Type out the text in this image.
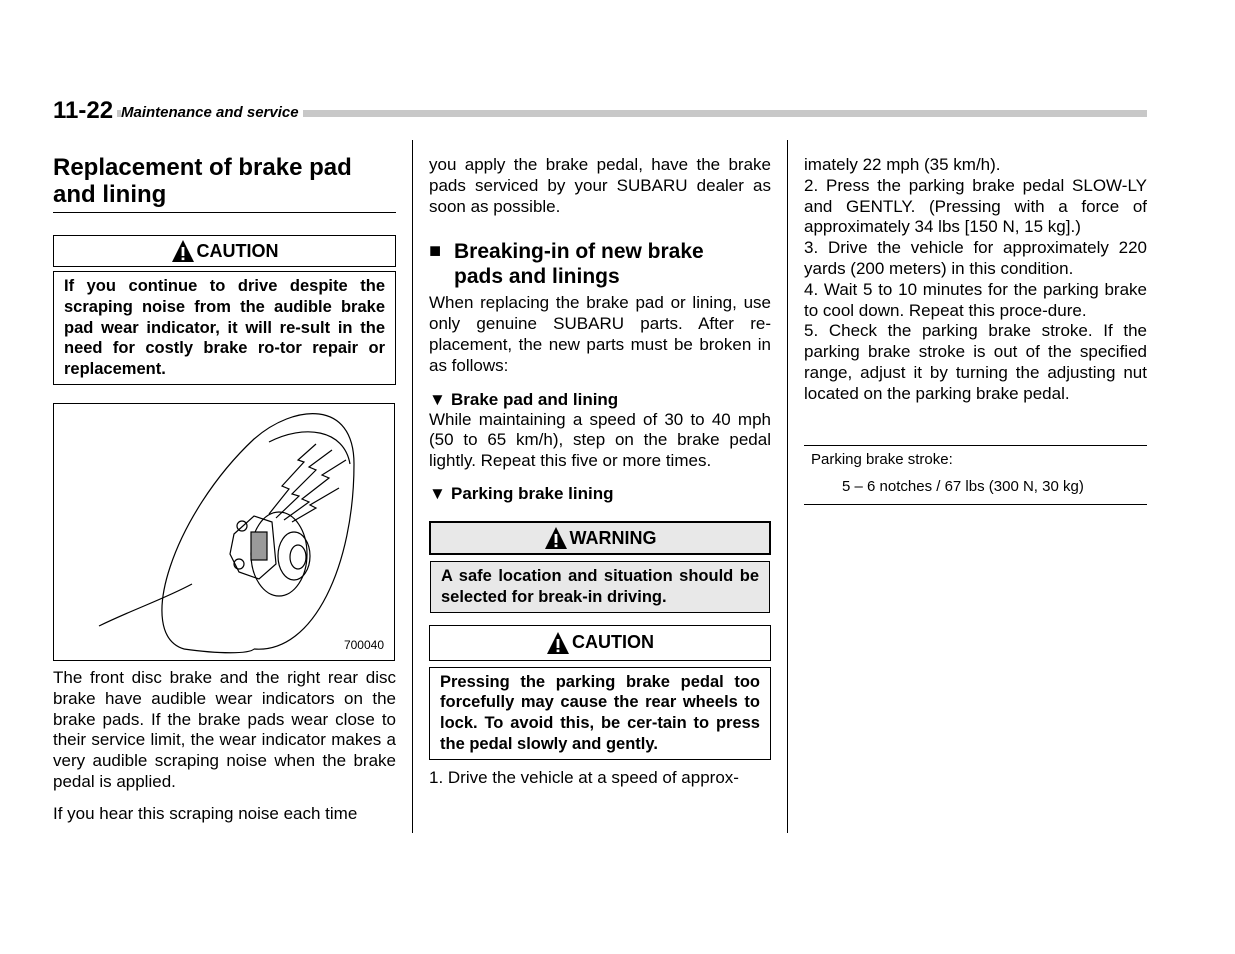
11-22 Maintenance and service
Replacement of brake pad
and lining
CAUTION
If you continue to drive despite the scraping noise from the audible brake pad wear indicator, it will re-sult in the need for costly brake ro-tor repair or replacement.
700040

The front disc brake and the right rear disc brake have audible wear indicators on the brake pads. If the brake pads wear close to their service limit, the wear indicator makes a very audible scraping noise when the brake pedal is applied.

If you hear this scraping noise each time

you apply the brake pedal, have the brake pads serviced by your SUBARU dealer as soon as possible.

■ Breaking-in of new brake
pads and linings

When replacing the brake pad or lining, use only genuine SUBARU parts. After re-placement, the new parts must be broken in as follows:

▼ Brake pad and lining

While maintaining a speed of 30 to 40 mph (50 to 65 km/h), step on the brake pedal lightly. Repeat this five or more times.

▼ Parking brake lining
WARNING
A safe location and situation should be selected for break-in driving.
CAUTION
Pressing the parking brake pedal too forcefully may cause the rear wheels to lock. To avoid this, be cer-tain to press the pedal slowly and gently.

1. Drive the vehicle at a speed of approx-

imately 22 mph (35 km/h).

2. Press the parking brake pedal SLOW-LY and GENTLY. (Pressing with a force of approximately 34 lbs [150 N, 15 kg].)

3. Drive the vehicle for approximately 220 yards (200 meters) in this condition.

4. Wait 5 to 10 minutes for the parking brake to cool down. Repeat this proce-dure.

5. Check the parking brake stroke. If the parking brake stroke is out of the specified range, adjust it by turning the adjusting nut located on the parking brake pedal.

Parking brake stroke:
5 – 6 notches / 67 lbs (300 N, 30 kg)
